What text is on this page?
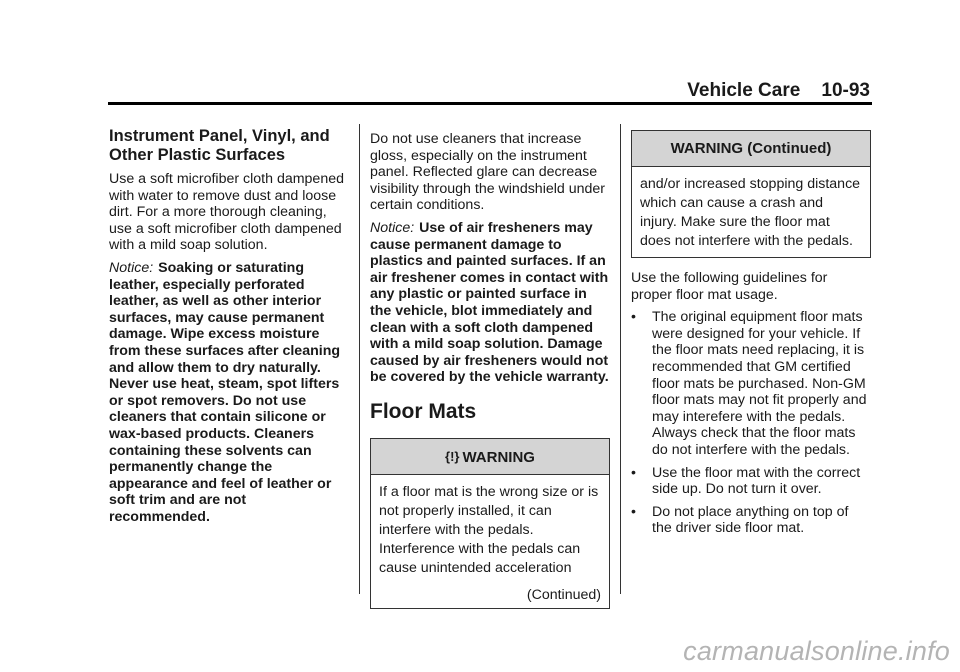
Vehicle Care    10-93
Instrument Panel, Vinyl, and Other Plastic Surfaces

Use a soft microfiber cloth dampened with water to remove dust and loose dirt. For a more thorough cleaning, use a soft microfiber cloth dampened with a mild soap solution.

Notice: Soaking or saturating leather, especially perforated leather, as well as other interior surfaces, may cause permanent damage. Wipe excess moisture from these surfaces after cleaning and allow them to dry naturally. Never use heat, steam, spot lifters or spot removers. Do not use cleaners that contain silicone or wax-based products. Cleaners containing these solvents can permanently change the appearance and feel of leather or soft trim and are not recommended.

Do not use cleaners that increase gloss, especially on the instrument panel. Reflected glare can decrease visibility through the windshield under certain conditions.

Notice: Use of air fresheners may cause permanent damage to plastics and painted surfaces. If an air freshener comes in contact with any plastic or painted surface in the vehicle, blot immediately and clean with a soft cloth dampened with a mild soap solution. Damage caused by air fresheners would not be covered by the vehicle warranty.

Floor Mats
{!} WARNING
If a floor mat is the wrong size or is not properly installed, it can interfere with the pedals. Interference with the pedals can cause unintended acceleration
(Continued)
WARNING (Continued)
and/or increased stopping distance which can cause a crash and injury. Make sure the floor mat does not interfere with the pedals.

Use the following guidelines for proper floor mat usage.

• The original equipment floor mats were designed for your vehicle. If the floor mats need replacing, it is recommended that GM certified floor mats be purchased. Non-GM floor mats may not fit properly and may interefere with the pedals. Always check that the floor mats do not interfere with the pedals.
• Use the floor mat with the correct side up. Do not turn it over.
• Do not place anything on top of the driver side floor mat.
carmanualsonline.info
